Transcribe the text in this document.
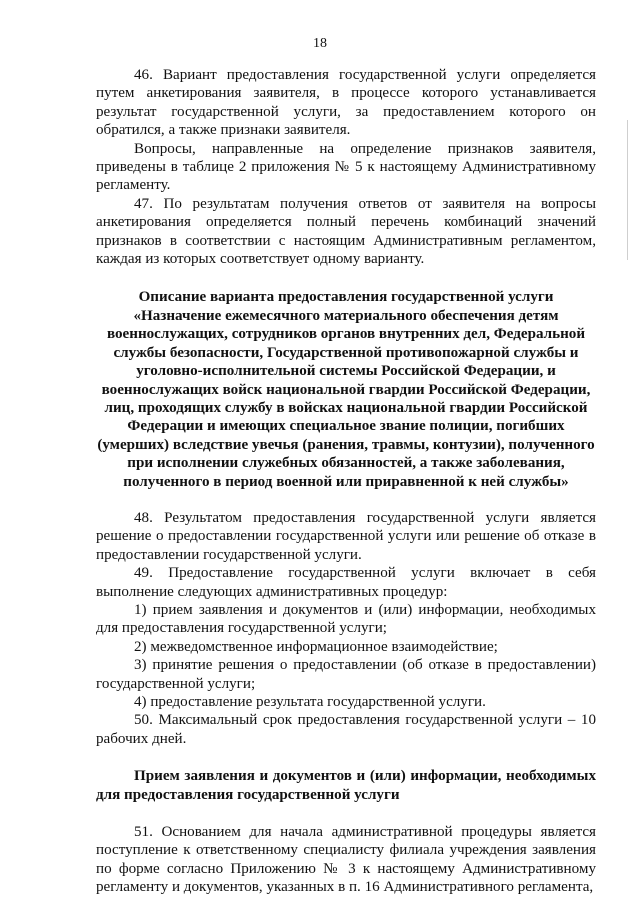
18

46. Вариант предоставления государственной услуги определяется путем анкетирования заявителя, в процессе которого устанавливается результат государственной услуги, за предоставлением которого он обратился, а также признаки заявителя.

Вопросы, направленные на определение признаков заявителя, приведены в таблице 2 приложения № 5 к настоящему Административному регламенту.

47. По результатам получения ответов от заявителя на вопросы анкетирования определяется полный перечень комбинаций значений признаков в соответствии с настоящим Административным регламентом, каждая из которых соответствует одному варианту.

Описание варианта предоставления государственной услуги «Назначение ежемесячного материального обеспечения детям военнослужащих, сотрудников органов внутренних дел, Федеральной службы безопасности, Государственной противопожарной службы и уголовно-исполнительной системы Российской Федерации, и военнослужащих войск национальной гвардии Российской Федерации, лиц, проходящих службу в войсках национальной гвардии Российской Федерации и имеющих специальное звание полиции, погибших (умерших) вследствие увечья (ранения, травмы, контузии), полученного при исполнении служебных обязанностей, а также заболевания, полученного в период военной или приравненной к ней службы»

48. Результатом предоставления государственной услуги является решение о предоставлении государственной услуги или решение об отказе в предоставлении государственной услуги.

49. Предоставление государственной услуги включает в себя выполнение следующих административных процедур:

1) прием заявления и документов и (или) информации, необходимых для предоставления государственной услуги;

2) межведомственное информационное взаимодействие;

3) принятие решения о предоставлении (об отказе в предоставлении) государственной услуги;

4) предоставление результата государственной услуги.

50. Максимальный срок предоставления государственной услуги – 10 рабочих дней.

Прием заявления и документов и (или) информации, необходимых для предоставления государственной услуги

51. Основанием для начала административной процедуры является поступление к ответственному специалисту филиала учреждения заявления по форме согласно Приложению № 3 к настоящему Административному регламенту и документов, указанных в п. 16 Административного регламента,
